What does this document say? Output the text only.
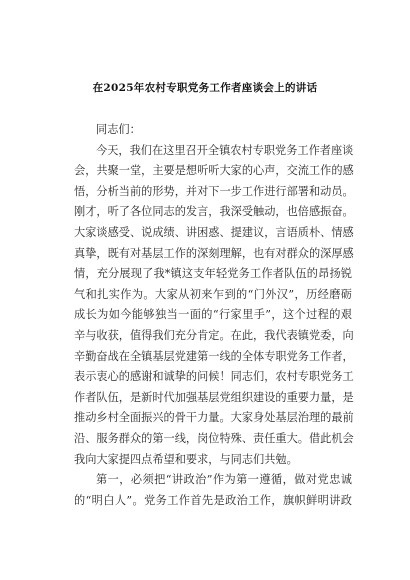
在2025年农村专职党务工作者座谈会上的讲话
同志们：
今天，我们在这里召开全镇农村专职党务工作者座谈
会，共聚一堂，主要是想听听大家的心声，交流工作的感
悟，分析当前的形势，并对下一步工作进行部署和动员。
刚才，听了各位同志的发言，我深受触动，也倍感振奋。
大家谈感受、说成绩、讲困惑、提建议，言语质朴、情感
真挚，既有对基层工作的深刻理解，也有对群众的深厚感
情，充分展现了我*镇这支年轻党务工作者队伍的昂扬锐
气和扎实作为。大家从初来乍到的“门外汉”，历经磨砺
成长为如今能够独当一面的“行家里手”，这个过程的艰
辛与收获，值得我们充分肯定。在此，我代表镇党委，向
辛勤奋战在全镇基层党建第一线的全体专职党务工作者，
表示衷心的感谢和诚挚的问候！同志们，农村专职党务工
作者队伍，是新时代加强基层党组织建设的重要力量，是
推动乡村全面振兴的骨干力量。大家身处基层治理的最前
沿、服务群众的第一线，岗位特殊、责任重大。借此机会
我向大家提四点希望和要求，与同志们共勉。
第一，必须把“讲政治”作为第一遵循，做对党忠诚
的“明白人”。党务工作首先是政治工作，旗帜鲜明讲政
